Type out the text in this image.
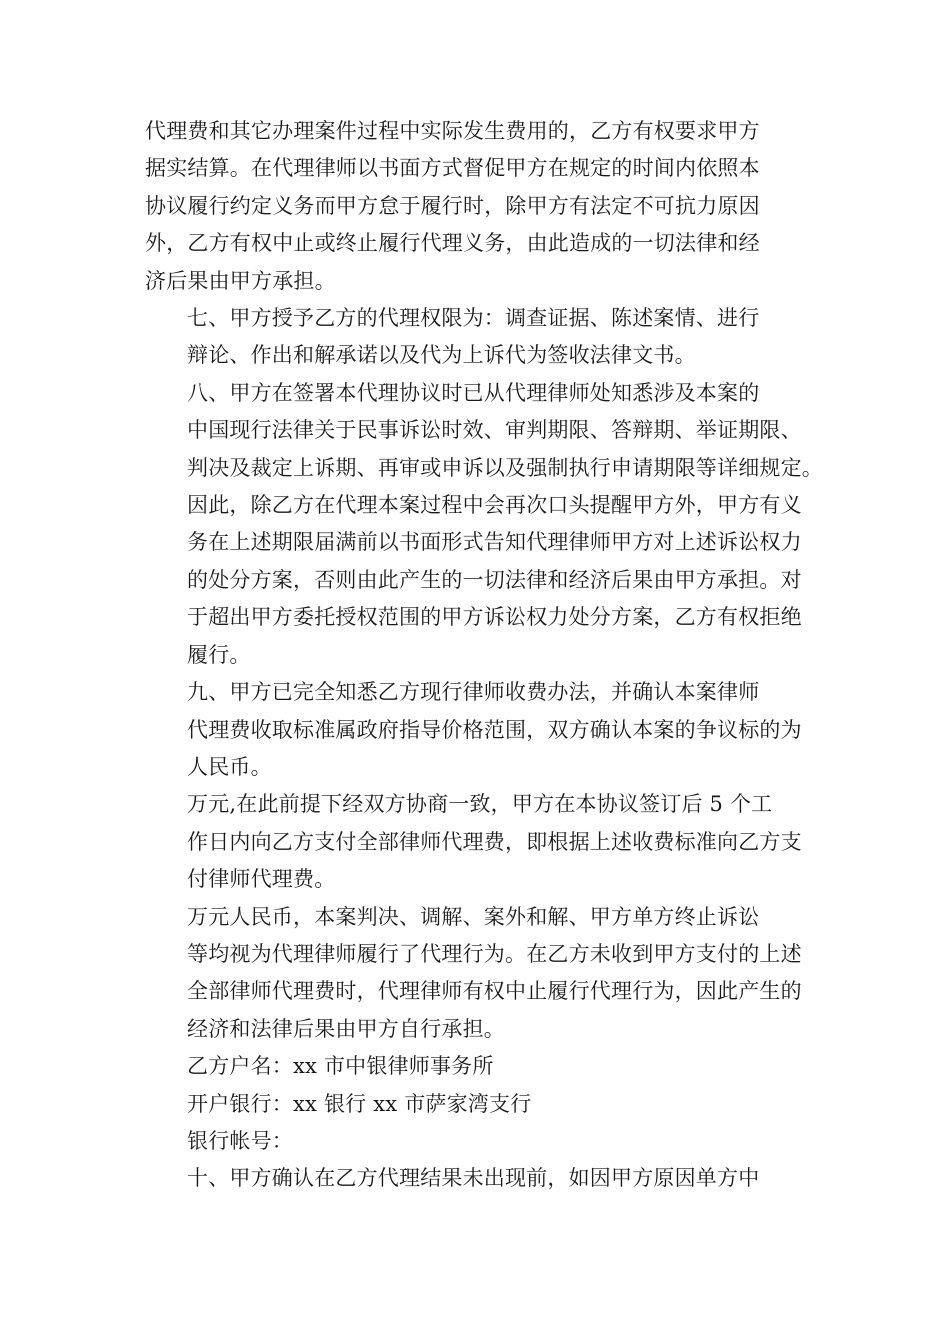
代理费和其它办理案件过程中实际发生费用的，乙方有权要求甲方
据实结算。在代理律师以书面方式督促甲方在规定的时间内依照本
协议履行约定义务而甲方怠于履行时，除甲方有法定不可抗力原因
外，乙方有权中止或终止履行代理义务，由此造成的一切法律和经
济后果由甲方承担。

七、甲方授予乙方的代理权限为：调查证据、陈述案情、进行
辩论、作出和解承诺以及代为上诉代为签收法律文书。

八、甲方在签署本代理协议时已从代理律师处知悉涉及本案的
中国现行法律关于民事诉讼时效、审判期限、答辩期、举证期限、
判决及裁定上诉期、再审或申诉以及强制执行申请期限等详细规定。
因此，除乙方在代理本案过程中会再次口头提醒甲方外，甲方有义
务在上述期限届满前以书面形式告知代理律师甲方对上述诉讼权力
的处分方案，否则由此产生的一切法律和经济后果由甲方承担。对
于超出甲方委托授权范围的甲方诉讼权力处分方案，乙方有权拒绝
履行。

九、甲方已完全知悉乙方现行律师收费办法，并确认本案律师
代理费收取标准属政府指导价格范围，双方确认本案的争议标的为
人民币。

万元,在此前提下经双方协商一致，甲方在本协议签订后 5 个工
作日内向乙方支付全部律师代理费，即根据上述收费标准向乙方支
付律师代理费。

万元人民币，本案判决、调解、案外和解、甲方单方终止诉讼
等均视为代理律师履行了代理行为。在乙方未收到甲方支付的上述
全部律师代理费时，代理律师有权中止履行代理行为，因此产生的
经济和法律后果由甲方自行承担。

乙方户名：xx 市中银律师事务所

开户银行：xx 银行 xx 市萨家湾支行

银行帐号：

十、甲方确认在乙方代理结果未出现前，如因甲方原因单方中
